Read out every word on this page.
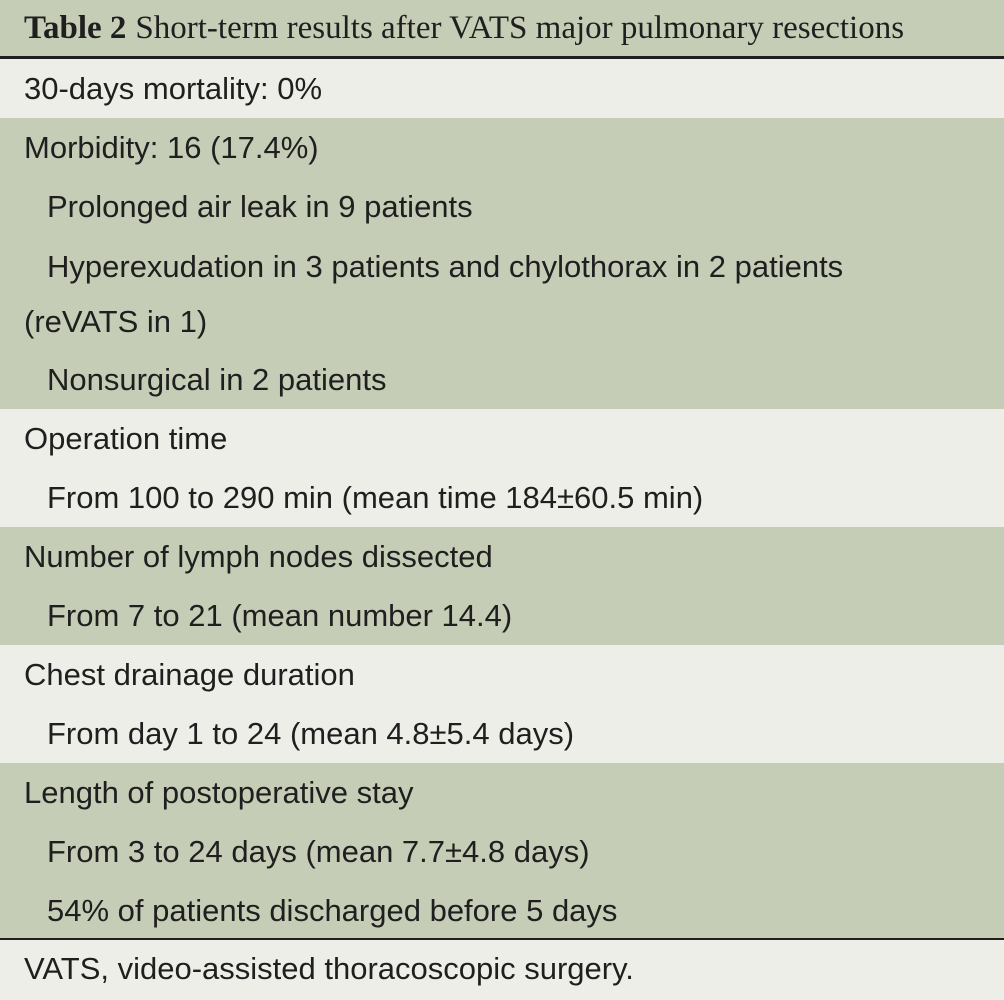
Table 2 Short-term results after VATS major pulmonary resections
30-days mortality: 0%
Morbidity: 16 (17.4%)
Prolonged air leak in 9 patients
Hyperexudation in 3 patients and chylothorax in 2 patients
(reVATS in 1)
Nonsurgical in 2 patients
Operation time
From 100 to 290 min (mean time 184±60.5 min)
Number of lymph nodes dissected
From 7 to 21 (mean number 14.4)
Chest drainage duration
From day 1 to 24 (mean 4.8±5.4 days)
Length of postoperative stay
From 3 to 24 days (mean 7.7±4.8 days)
54% of patients discharged before 5 days
VATS, video-assisted thoracoscopic surgery.
